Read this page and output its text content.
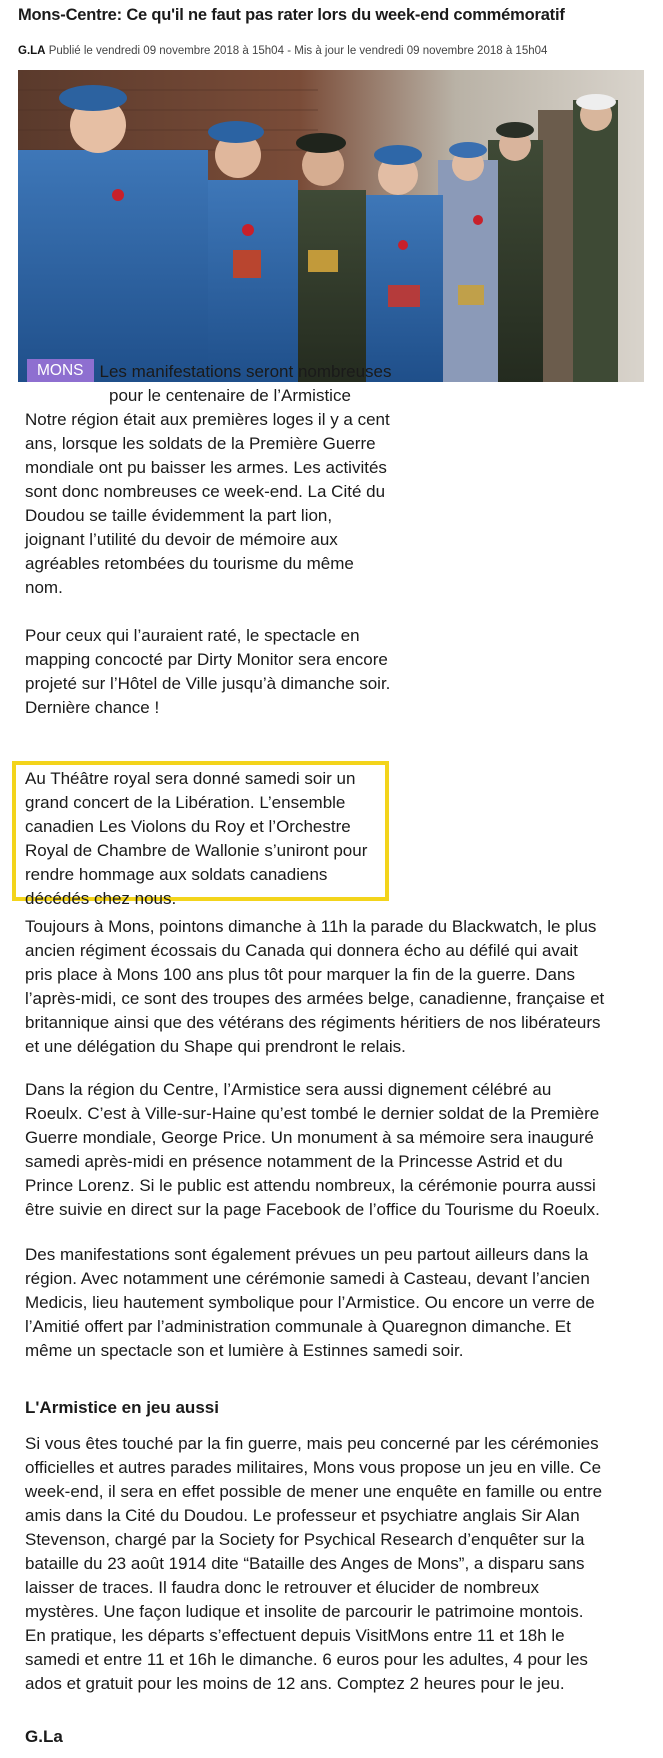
Mons-Centre: Ce qu'il ne faut pas rater lors du week-end commémoratif
G.LA Publié le vendredi 09 novembre 2018 à 15h04 - Mis à jour le vendredi 09 novembre 2018 à 15h04
MONS Les manifestations seront nombreuses
pour le centenaire de l’Armistice
Notre région était aux premières loges il y a cent
ans, lorsque les soldats de la Première Guerre
mondiale ont pu baisser les armes. Les activités
sont donc nombreuses ce week-end. La Cité du
Doudou se taille évidemment la part lion,
joignant l’utilité du devoir de mémoire aux
agréables retombées du tourisme du même
nom.
Pour ceux qui l’auraient raté, le spectacle en
mapping concocté par Dirty Monitor sera encore
projeté sur l’Hôtel de Ville jusqu’à dimanche soir.
Dernière chance !
Au Théâtre royal sera donné samedi soir un
grand concert de la Libération. L’ensemble
canadien Les Violons du Roy et l’Orchestre
Royal de Chambre de Wallonie s’uniront pour
rendre hommage aux soldats canadiens
décédés chez nous.
Toujours à Mons, pointons dimanche à 11h la parade du Blackwatch, le plus
ancien régiment écossais du Canada qui donnera écho au défilé qui avait
pris place à Mons 100 ans plus tôt pour marquer la fin de la guerre. Dans
l’après-midi, ce sont des troupes des armées belge, canadienne, française et
britannique ainsi que des vétérans des régiments héritiers de nos libérateurs
et une délégation du Shape qui prendront le relais.
Dans la région du Centre, l’Armistice sera aussi dignement célébré au
Roeulx. C’est à Ville-sur-Haine qu’est tombé le dernier soldat de la Première
Guerre mondiale, George Price. Un monument à sa mémoire sera inauguré
samedi après-midi en présence notamment de la Princesse Astrid et du
Prince Lorenz. Si le public est attendu nombreux, la cérémonie pourra aussi
être suivie en direct sur la page Facebook de l’office du Tourisme du Roeulx.
Des manifestations sont également prévues un peu partout ailleurs dans la
région. Avec notamment une cérémonie samedi à Casteau, devant l’ancien
Medicis, lieu hautement symbolique pour l’Armistice. Ou encore un verre de
l’Amitié offert par l’administration communale à Quaregnon dimanche. Et
même un spectacle son et lumière à Estinnes samedi soir.
L'Armistice en jeu aussi
Si vous êtes touché par la fin guerre, mais peu concerné par les cérémonies
officielles et autres parades militaires, Mons vous propose un jeu en ville. Ce
week-end, il sera en effet possible de mener une enquête en famille ou entre
amis dans la Cité du Doudou. Le professeur et psychiatre anglais Sir Alan
Stevenson, chargé par la Society for Psychical Research d’enquêter sur la
bataille du 23 août 1914 dite “Bataille des Anges de Mons”, a disparu sans
laisser de traces. Il faudra donc le retrouver et élucider de nombreux
mystères. Une façon ludique et insolite de parcourir le patrimoine montois.
En pratique, les départs s’effectuent depuis VisitMons entre 11 et 18h le
samedi et entre 11 et 16h le dimanche. 6 euros pour les adultes, 4 pour les
ados et gratuit pour les moins de 12 ans. Comptez 2 heures pour le jeu.

G.La
